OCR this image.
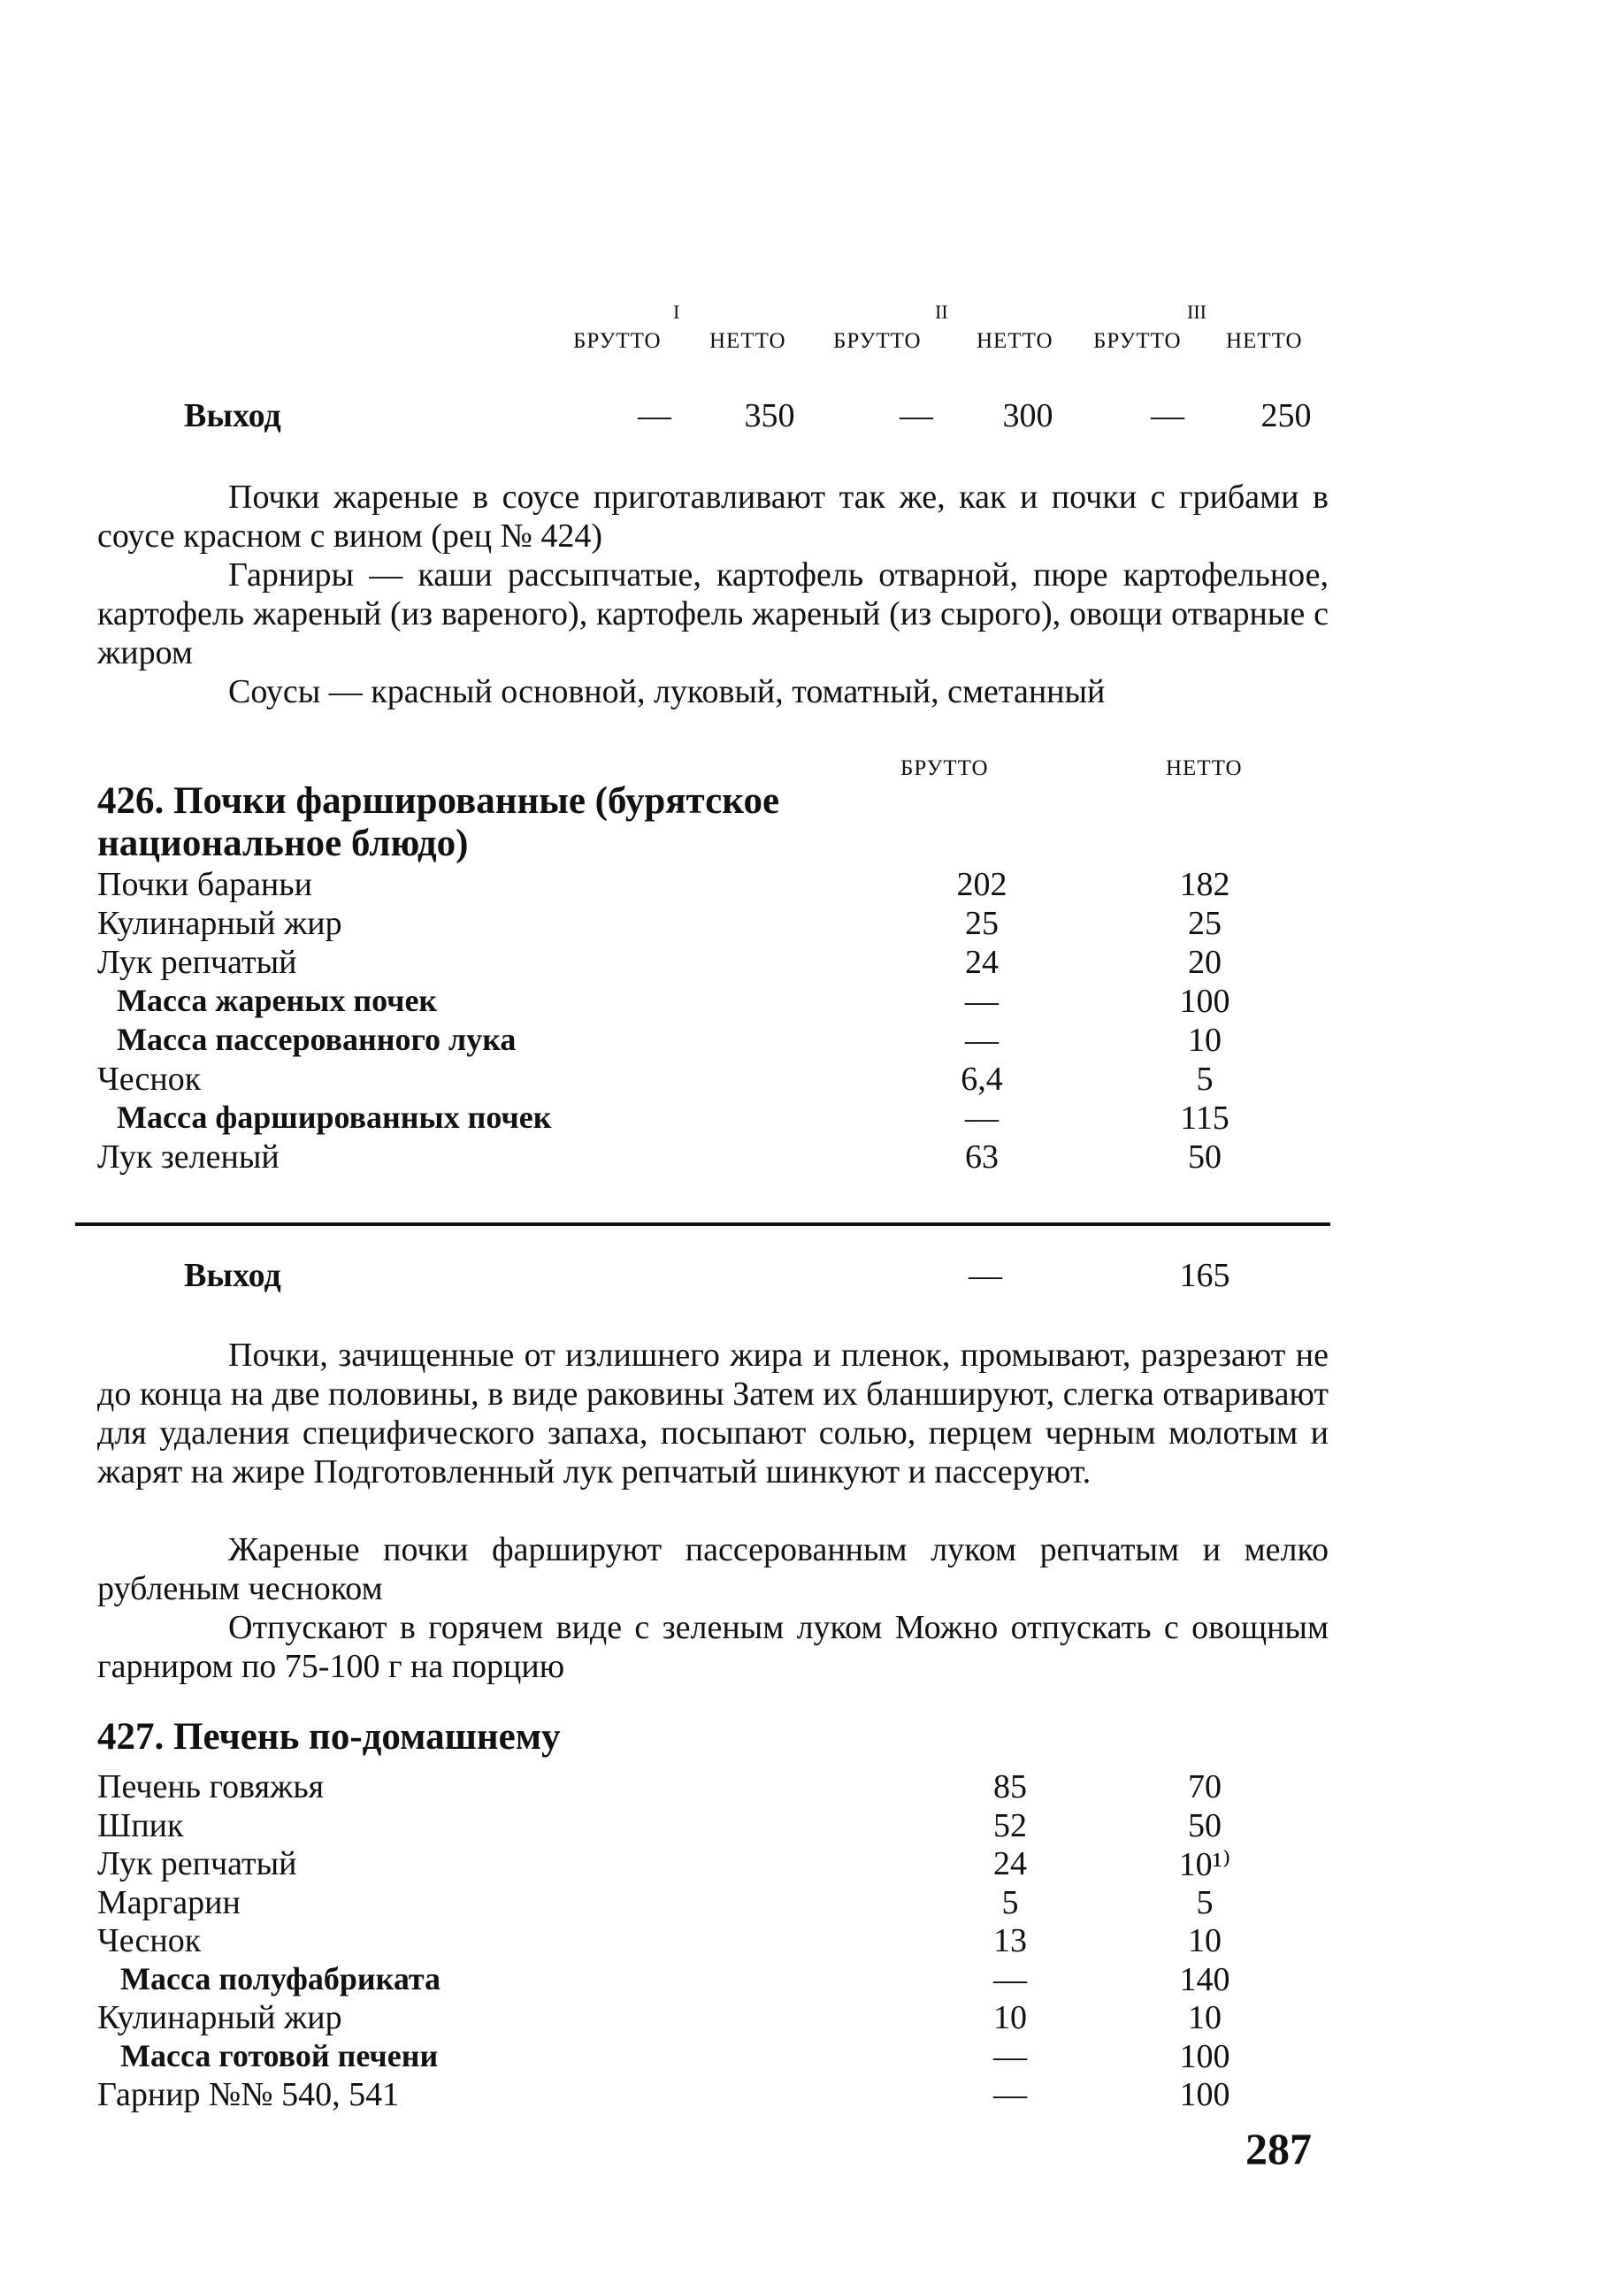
I	II	III
БРУТТО НЕТТО БРУТТО НЕТТО БРУТТО НЕТТО
Выход	—	350	—	300	—	250

Почки жареные в соусе приготавливают так же, как и почки с грибами в соусе красном с вином (рец № 424)

Гарниры — каши рассыпчатые, картофель отварной, пюре картофельное, картофель жареный (из вареного), картофель жареный (из сырого), овощи отварные с жиром

Соусы — красный основной, луковый, томатный, сметанный

БРУТТО	НЕТТО
426. Почки фаршированные (бурятское
национальное блюдо)
Почки бараньи	202	182
Кулинарный жир	25	25
Лук репчатый	24	20
Масса жареных почек	—	100
Масса пассерованного лука	—	10
Чеснок	6,4	5
Масса фаршированных почек	—	115
Лук зеленый	63	50
Выход	—	165

Почки, зачищенные от излишнего жира и пленок, промывают, разрезают не до конца на две половины, в виде раковины Затем их бланшируют, слегка отваривают для удаления специфического запаха, посыпают солью, перцем черным молотым и жарят на жире Подготовленный лук репчатый шинкуют и пассеруют.

Жареные почки фаршируют пассерованным луком репчатым и мелко рубленым чесноком

Отпускают в горячем виде с зеленым луком Можно отпускать с овощным гарниром по 75-100 г на порцию

427. Печень по-домашнему
Печень говяжья	85	70
Шпик	52	50
Лук репчатый	24	10¹⁾
Маргарин	5	5
Чеснок	13	10
Масса полуфабриката	—	140
Кулинарный жир	10	10
Масса готовой печени	—	100
Гарнир №№ 540, 541	—	100
287
